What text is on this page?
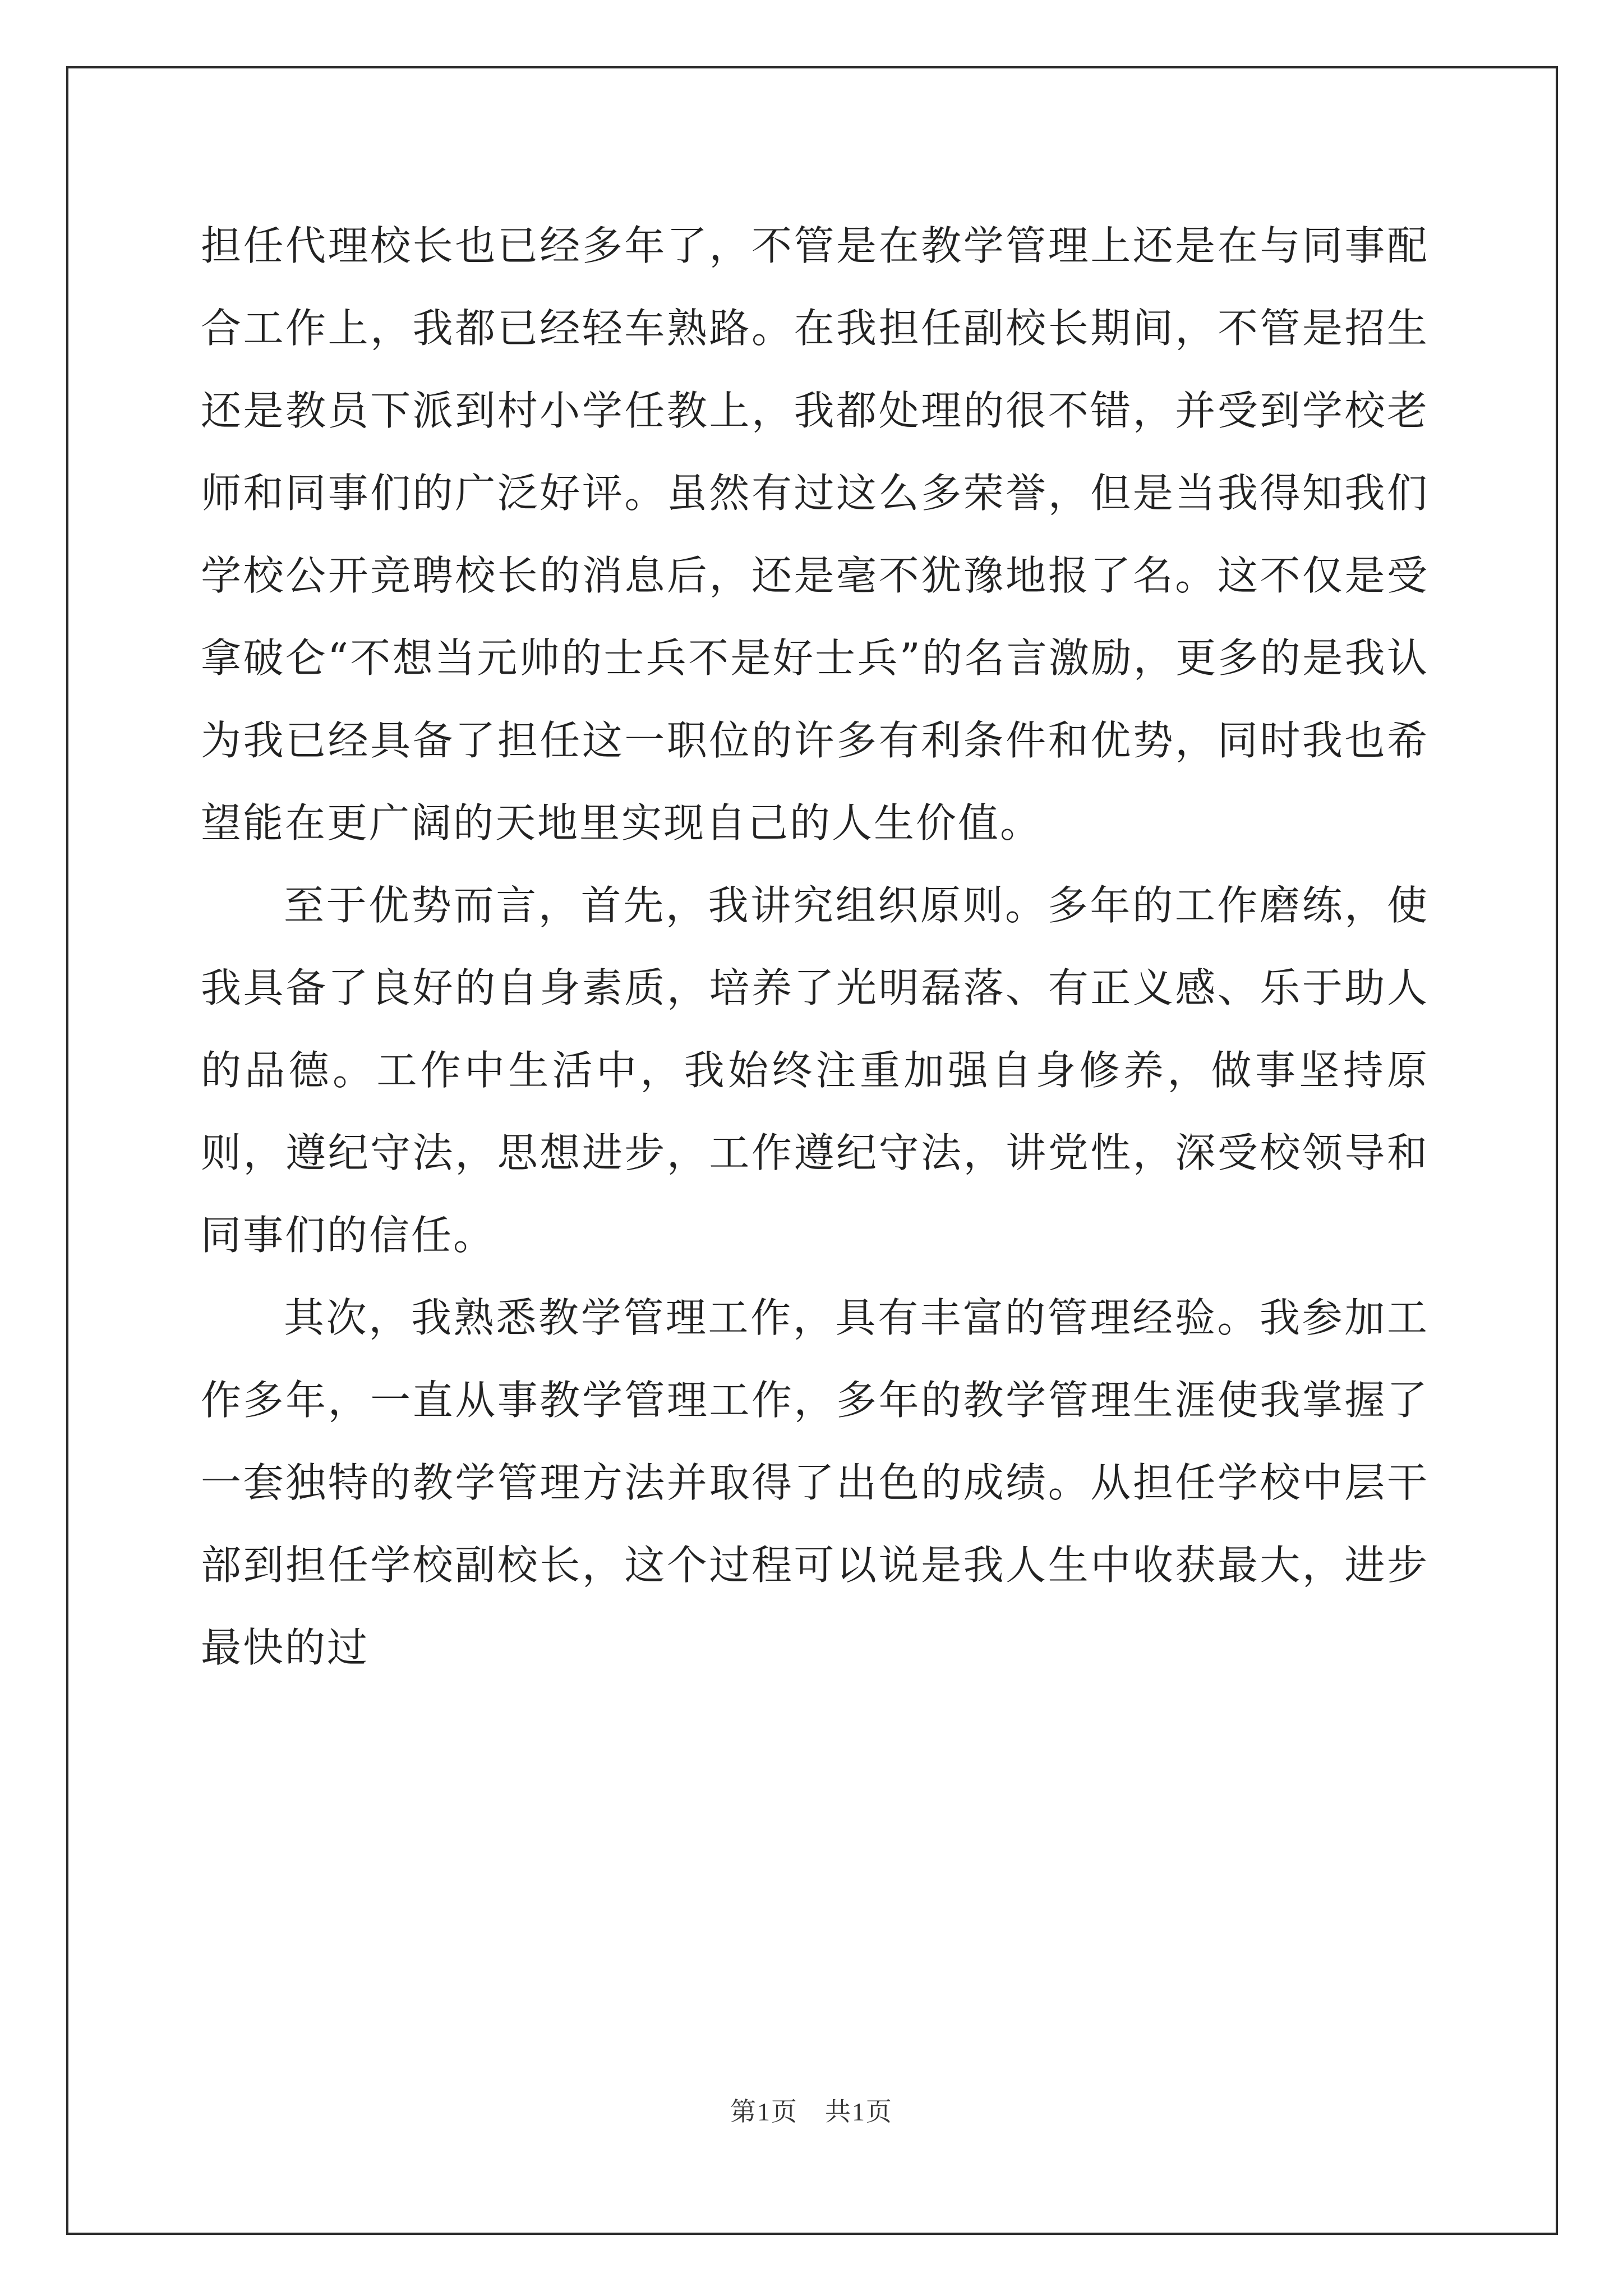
担任代理校长也已经多年了，不管是在教学管理上还是在与同事配合工作上，我都已经轻车熟路。在我担任副校长期间，不管是招生还是教员下派到村小学任教上，我都处理的很不错，并受到学校老师和同事们的广泛好评。虽然有过这么多荣誉，但是当我得知我们学校公开竞聘校长的消息后，还是毫不犹豫地报了名。这不仅是受拿破仑“不想当元帅的士兵不是好士兵”的名言激励，更多的是我认为我已经具备了担任这一职位的许多有利条件和优势，同时我也希望能在更广阔的天地里实现自己的人生价值。

至于优势而言，首先，我讲究组织原则。多年的工作磨练，使我具备了良好的自身素质，培养了光明磊落、有正义感、乐于助人的品德。工作中生活中，我始终注重加强自身修养，做事坚持原则，遵纪守法，思想进步，工作遵纪守法，讲党性，深受校领导和同事们的信任。

其次，我熟悉教学管理工作，具有丰富的管理经验。我参加工作多年，一直从事教学管理工作，多年的教学管理生涯使我掌握了一套独特的教学管理方法并取得了出色的成绩。从担任学校中层干部到担任学校副校长，这个过程可以说是我人生中收获最大，进步最快的过

第1页　共1页
